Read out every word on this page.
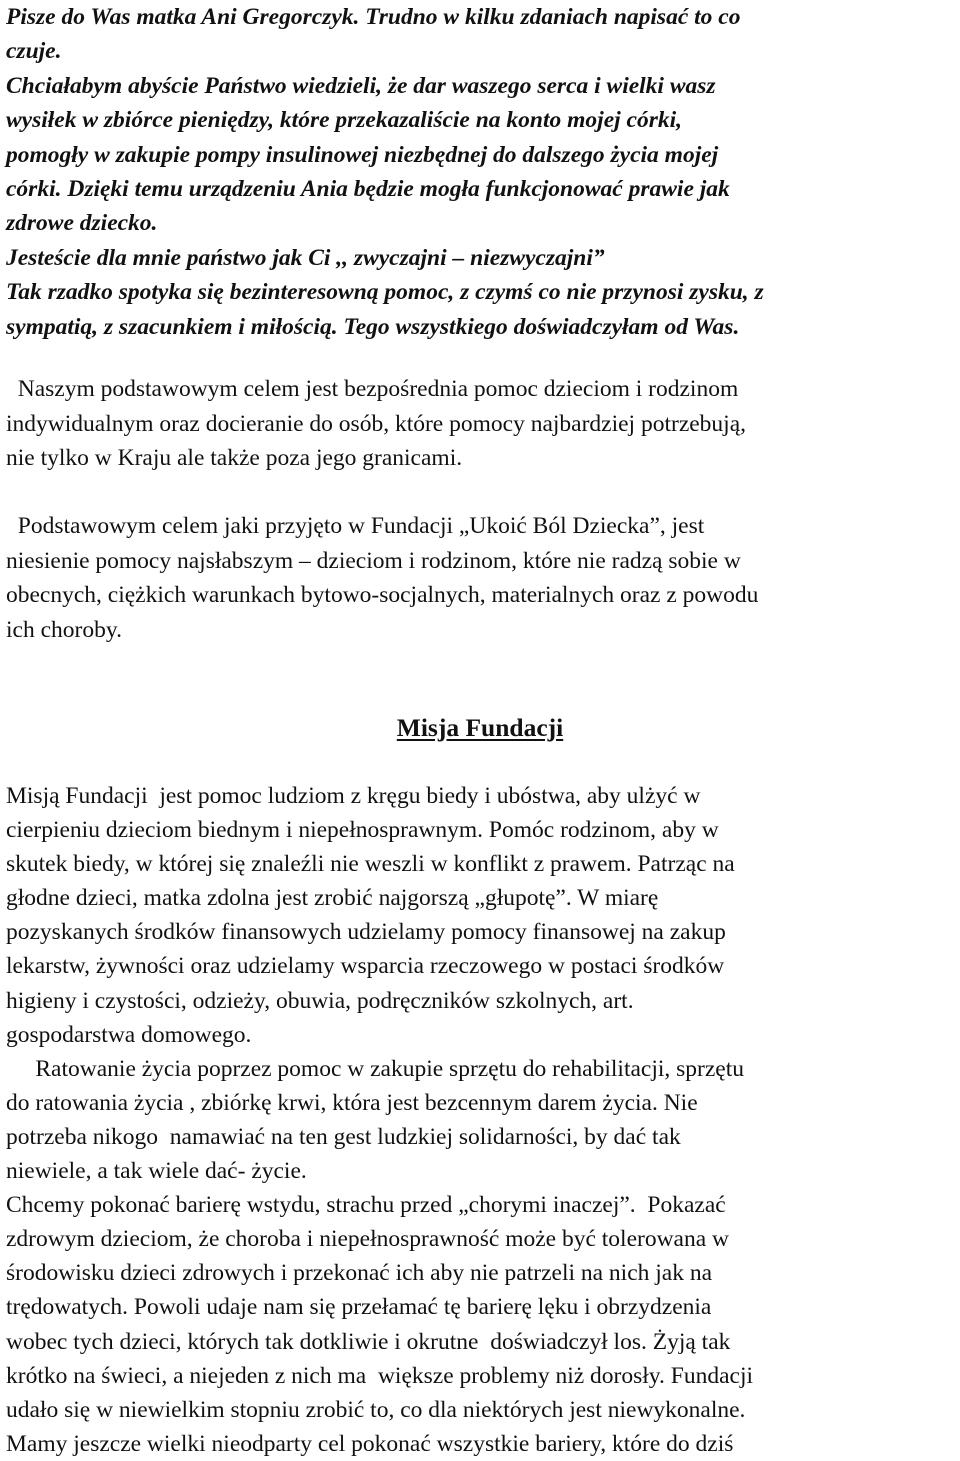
Pisze do Was matka Ani Gregorczyk. Trudno w kilku zdaniach napisać to co
czuje.
Chciałabym abyście Państwo wiedzieli, że dar waszego serca i wielki wasz
wysiłek w zbiórce pieniędzy, które przekazaliście na konto mojej córki,
pomogły w zakupie pompy insulinowej niezbędnej do dalszego życia mojej
córki. Dzięki temu urządzeniu Ania będzie mogła funkcjonować prawie jak
zdrowe dziecko.
Jesteście dla mnie państwo jak Ci ,, zwyczajni – niezwyczajni”
Tak rzadko spotyka się bezinteresowną pomoc, z czymś co nie przynosi zysku, z
sympatią, z szacunkiem i miłością. Tego wszystkiego doświadczyłam od Was.
Naszym podstawowym celem jest bezpośrednia pomoc dzieciom i rodzinom
indywidualnym oraz docieranie do osób, które pomocy najbardziej potrzebują,
nie tylko w Kraju ale także poza jego granicami.
Podstawowym celem jaki przyjęto w Fundacji „Ukoić Ból Dziecka”, jest
niesienie pomocy najsłabszym – dzieciom i rodzinom, które nie radzą sobie w
obecnych, ciężkich warunkach bytowo-socjalnych, materialnych oraz z powodu
ich choroby.
Misja Fundacji
Misją Fundacji  jest pomoc ludziom z kręgu biedy i ubóstwa, aby ulżyć w
cierpieniu dzieciom biednym i niepełnosprawnym. Pomóc rodzinom, aby w
skutek biedy, w której się znaleźli nie weszli w konflikt z prawem. Patrząc na
głodne dzieci, matka zdolna jest zrobić najgorszą „głupotę”. W miarę
pozyskanych środków finansowych udzielamy pomocy finansowej na zakup
lekarstw, żywności oraz udzielamy wsparcia rzeczowego w postaci środków
higieny i czystości, odzieży, obuwia, podręczników szkolnych, art.
gospodarstwa domowego.
Ratowanie życia poprzez pomoc w zakupie sprzętu do rehabilitacji, sprzętu
do ratowania życia , zbiórkę krwi, która jest bezcennym darem życia. Nie
potrzeba nikogo  namawiać na ten gest ludzkiej solidarności, by dać tak
niewiele, a tak wiele dać- życie.
Chcemy pokonać barierę wstydu, strachu przed „chorymi inaczej”.  Pokazać
zdrowym dzieciom, że choroba i niepełnosprawność może być tolerowana w
środowisku dzieci zdrowych i przekonać ich aby nie patrzeli na nich jak na
trędowatych. Powoli udaje nam się przełamać tę barierę lęku i obrzydzenia
wobec tych dzieci, których tak dotkliwie i okrutne  doświadczył los. Żyją tak
krótko na świeci, a niejeden z nich ma  większe problemy niż dorosły. Fundacji
udało się w niewielkim stopniu zrobić to, co dla niektórych jest niewykonalne.
Mamy jeszcze wielki nieodparty cel pokonać wszystkie bariery, które do dziś
